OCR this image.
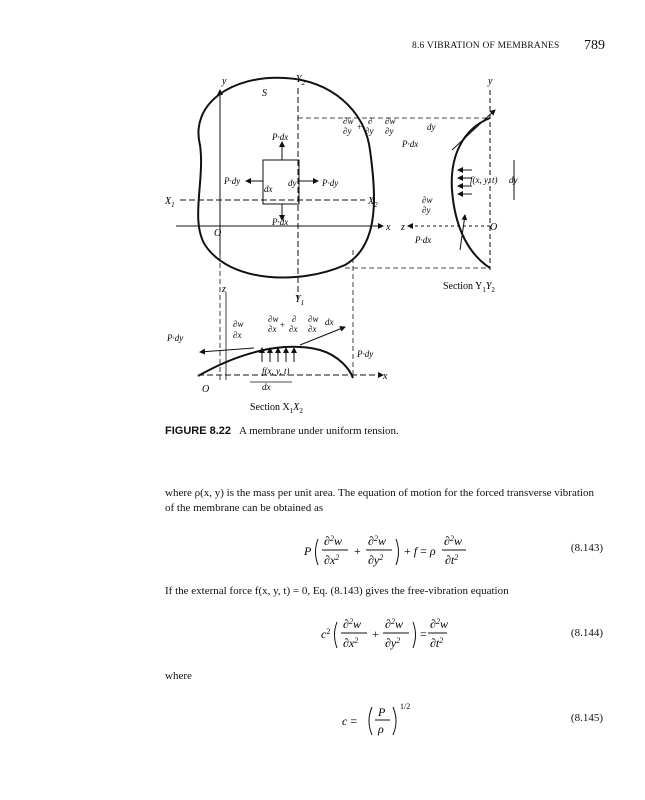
8.6 VIBRATION OF MEMBRANES 789
y	$Y_2$
S
$X_1$	$X_2$
O
x
P·dx
P·dy	dy	P·dy
dx
P·dx
y
∂w
∂y +
∂
∂y
∂w
∂y	dy
P·dx
f(x, y, t) dy
∂w
∂y
z	O
P·dx
Section $Y_1Y_2$
z
$Y_1$
∂w
∂x
P·dy
∂w
∂x +
∂
∂x
∂w
∂x
dx
P·dy
f(x, y, t)	x
O	dx
Section $X_1X_2$
FIGURE 8.22 A membrane under uniform tension.
where ρ(x, y) is the mass per unit area. The equation of motion for the forced transverse vibration of the membrane can be obtained as
P
∂$^2$w
$\partial x^2$ +
∂$^2$w
$\partial y^2 + f = \rho$
∂$^2$w
$\partial t^2$
(8.143)
If the external force f(x, y, t) = 0, Eq. (8.143) gives the free-vibration equation
$c^2$
∂$^2$w
$\partial x^2$ +
∂$^2$w
$\partial y^2$ =
∂$^2$w
$\partial t^2$
(8.144)
where
c =
P
ρ
1/2
(8.145)
